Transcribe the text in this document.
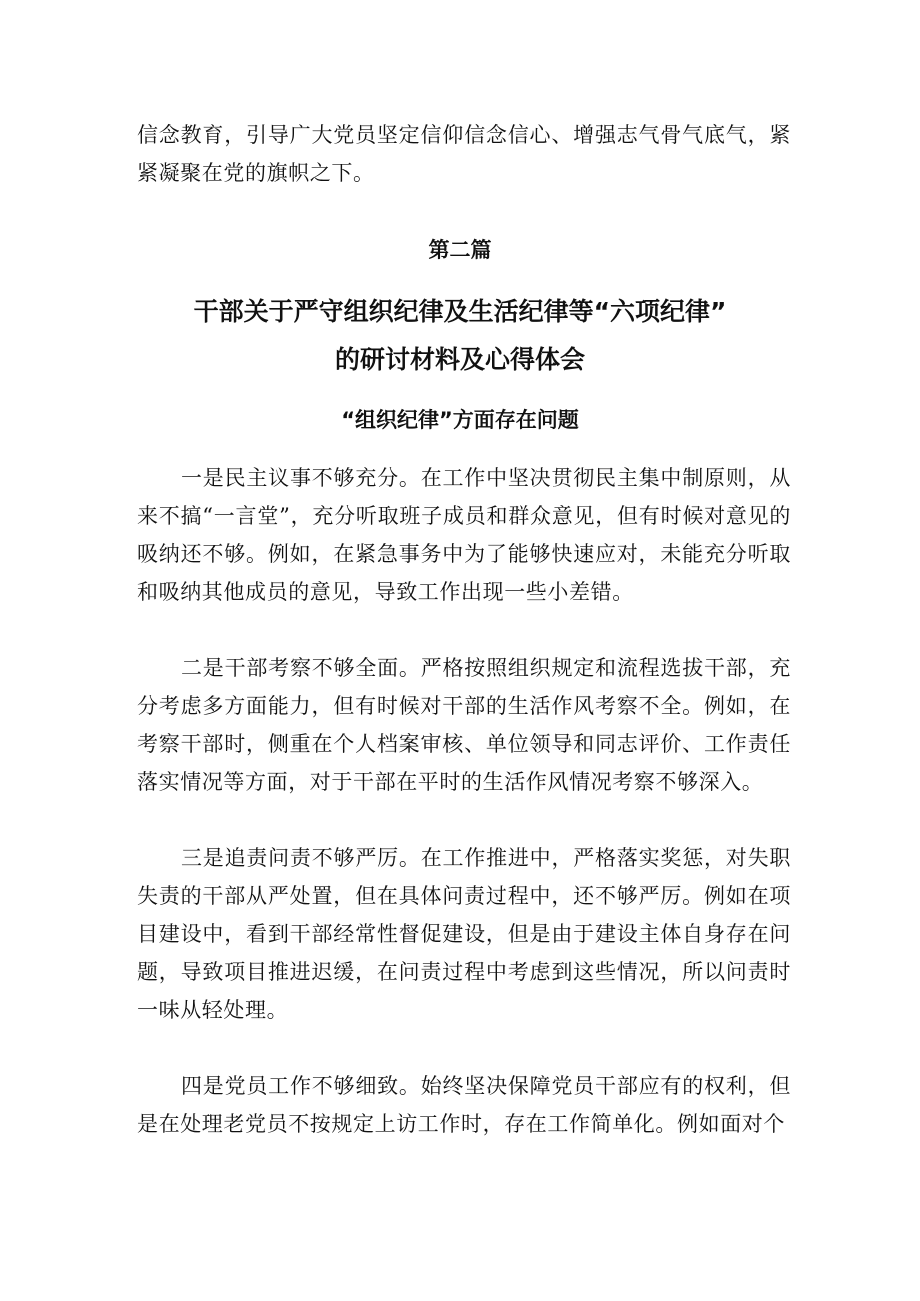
信念教育，引导广大党员坚定信仰信念信心、增强志气骨气底气，紧紧凝聚在党的旗帜之下。

第二篇
干部关于严守组织纪律及生活纪律等“六项纪律”
的研讨材料及心得体会
“组织纪律”方面存在问题

一是民主议事不够充分。在工作中坚决贯彻民主集中制原则，从来不搞“一言堂”，充分听取班子成员和群众意见，但有时候对意见的吸纳还不够。例如，在紧急事务中为了能够快速应对，未能充分听取和吸纳其他成员的意见，导致工作出现一些小差错。

二是干部考察不够全面。严格按照组织规定和流程选拔干部，充分考虑多方面能力，但有时候对干部的生活作风考察不全。例如，在考察干部时，侧重在个人档案审核、单位领导和同志评价、工作责任落实情况等方面，对于干部在平时的生活作风情况考察不够深入。

三是追责问责不够严厉。在工作推进中，严格落实奖惩，对失职失责的干部从严处置，但在具体问责过程中，还不够严厉。例如在项目建设中，看到干部经常性督促建设，但是由于建设主体自身存在问题，导致项目推进迟缓，在问责过程中考虑到这些情况，所以问责时一味从轻处理。

四是党员工作不够细致。始终坚决保障党员干部应有的权利，但是在处理老党员不按规定上访工作时，存在工作简单化。例如面对个
